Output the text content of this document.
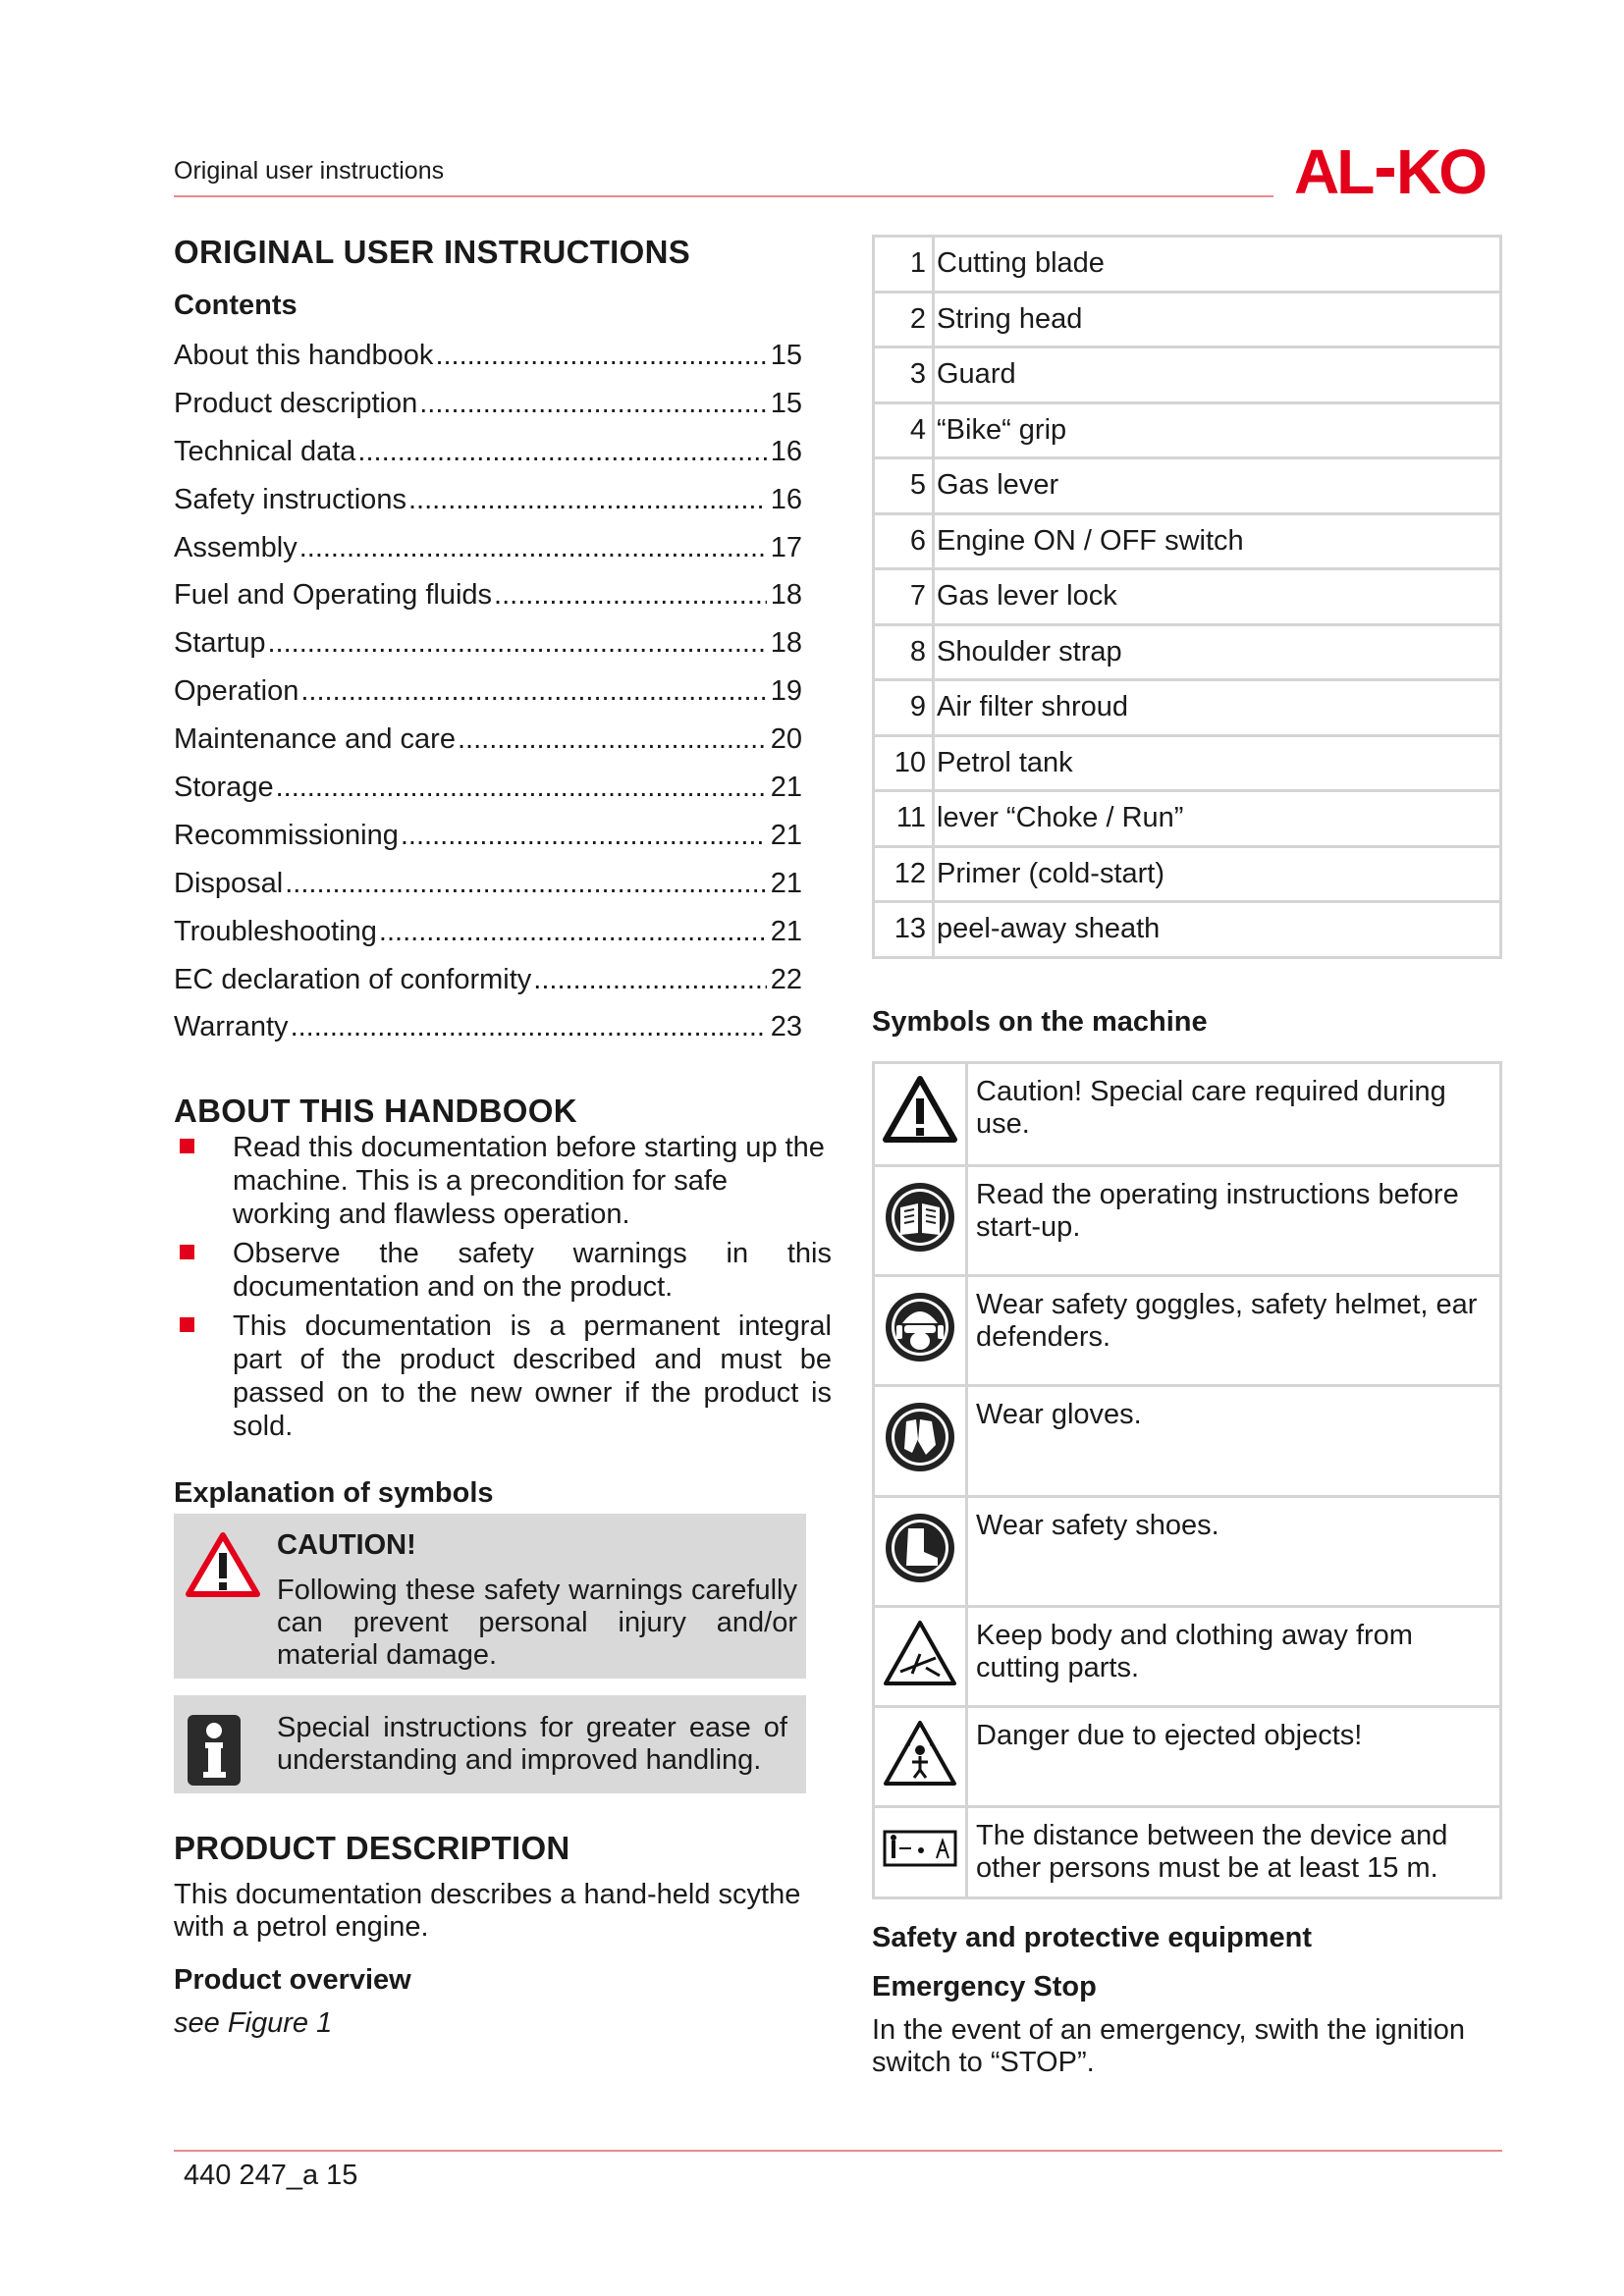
Original user instructions	AL KO
ORIGINAL USER INSTRUCTIONS
Contents
About this handbook .....	15
Product description .....	15
Technical data .....	16
Safety instructions .....	16
Assembly .....	17
Fuel and Operating fluids .....	18
Startup .....	18
Operation .....	19
Maintenance and care .....	20
Storage .....	21
Recommissioning .....	21
Disposal .....	21
Troubleshooting .....	21
EC declaration of conformity .....	22
Warranty .....	23
ABOUT THIS HANDBOOK
Read this documentation before starting up the machine. This is a precondition for safe working and flawless operation.
Observe the safety warnings in this documentation and on the product.
This documentation is a permanent integral part of the product described and must be passed on to the new owner if the product is sold.
Explanation of symbols
CAUTION!
Following these safety warnings carefully can prevent personal injury and/or material damage.
Special instructions for greater ease of understanding and improved handling.
PRODUCT DESCRIPTION
This documentation describes a hand-held scythe with a petrol engine.
Product overview
see Figure 1
1	Cutting blade
2	String head
3	Guard
4	“Bike“ grip
5	Gas lever
6	Engine ON / OFF switch
7	Gas lever lock
8	Shoulder strap
9	Air filter shroud
10	Petrol tank
11	lever “Choke / Run”
12	Primer (cold-start)
13	peel-away sheath
Symbols on the machine
	Caution! Special care required during use.
	Read the operating instructions before start-up.
	Wear safety goggles, safety helmet, ear defenders.
	Wear gloves.
	Wear safety shoes.
	Keep body and clothing away from cutting parts.
	Danger due to ejected objects!
	The distance between the device and other persons must be at least 15 m.
Safety and protective equipment
Emergency Stop
In the event of an emergency, swith the ignition switch to “STOP”.
440 247_a 15
